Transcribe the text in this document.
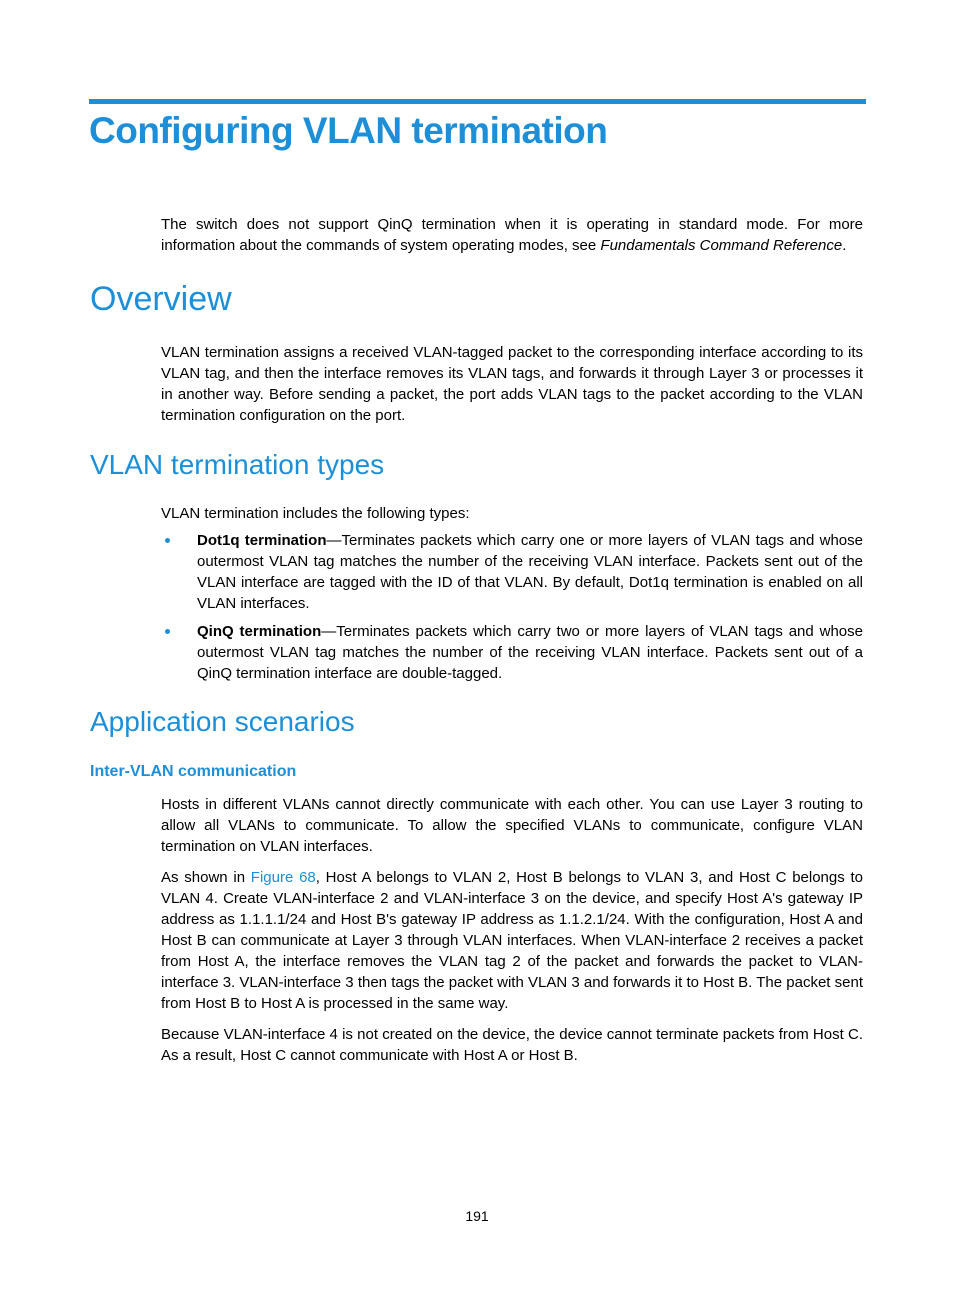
Configuring VLAN termination

The switch does not support QinQ termination when it is operating in standard mode. For more information about the commands of system operating modes, see Fundamentals Command Reference.

Overview

VLAN termination assigns a received VLAN-tagged packet to the corresponding interface according to its VLAN tag, and then the interface removes its VLAN tags, and forwards it through Layer 3 or processes it in another way. Before sending a packet, the port adds VLAN tags to the packet according to the VLAN termination configuration on the port.

VLAN termination types

VLAN termination includes the following types:

Dot1q termination—Terminates packets which carry one or more layers of VLAN tags and whose outermost VLAN tag matches the number of the receiving VLAN interface. Packets sent out of the VLAN interface are tagged with the ID of that VLAN. By default, Dot1q termination is enabled on all VLAN interfaces.
QinQ termination—Terminates packets which carry two or more layers of VLAN tags and whose outermost VLAN tag matches the number of the receiving VLAN interface. Packets sent out of a QinQ termination interface are double-tagged.
Application scenarios
Inter-VLAN communication

Hosts in different VLANs cannot directly communicate with each other. You can use Layer 3 routing to allow all VLANs to communicate. To allow the specified VLANs to communicate, configure VLAN termination on VLAN interfaces.

As shown in Figure 68, Host A belongs to VLAN 2, Host B belongs to VLAN 3, and Host C belongs to VLAN 4. Create VLAN-interface 2 and VLAN-interface 3 on the device, and specify Host A's gateway IP address as 1.1.1.1/24 and Host B's gateway IP address as 1.1.2.1/24. With the configuration, Host A and Host B can communicate at Layer 3 through VLAN interfaces. When VLAN-interface 2 receives a packet from Host A, the interface removes the VLAN tag 2 of the packet and forwards the packet to VLAN-interface 3. VLAN-interface 3 then tags the packet with VLAN 3 and forwards it to Host B. The packet sent from Host B to Host A is processed in the same way.

Because VLAN-interface 4 is not created on the device, the device cannot terminate packets from Host C. As a result, Host C cannot communicate with Host A or Host B.

191
